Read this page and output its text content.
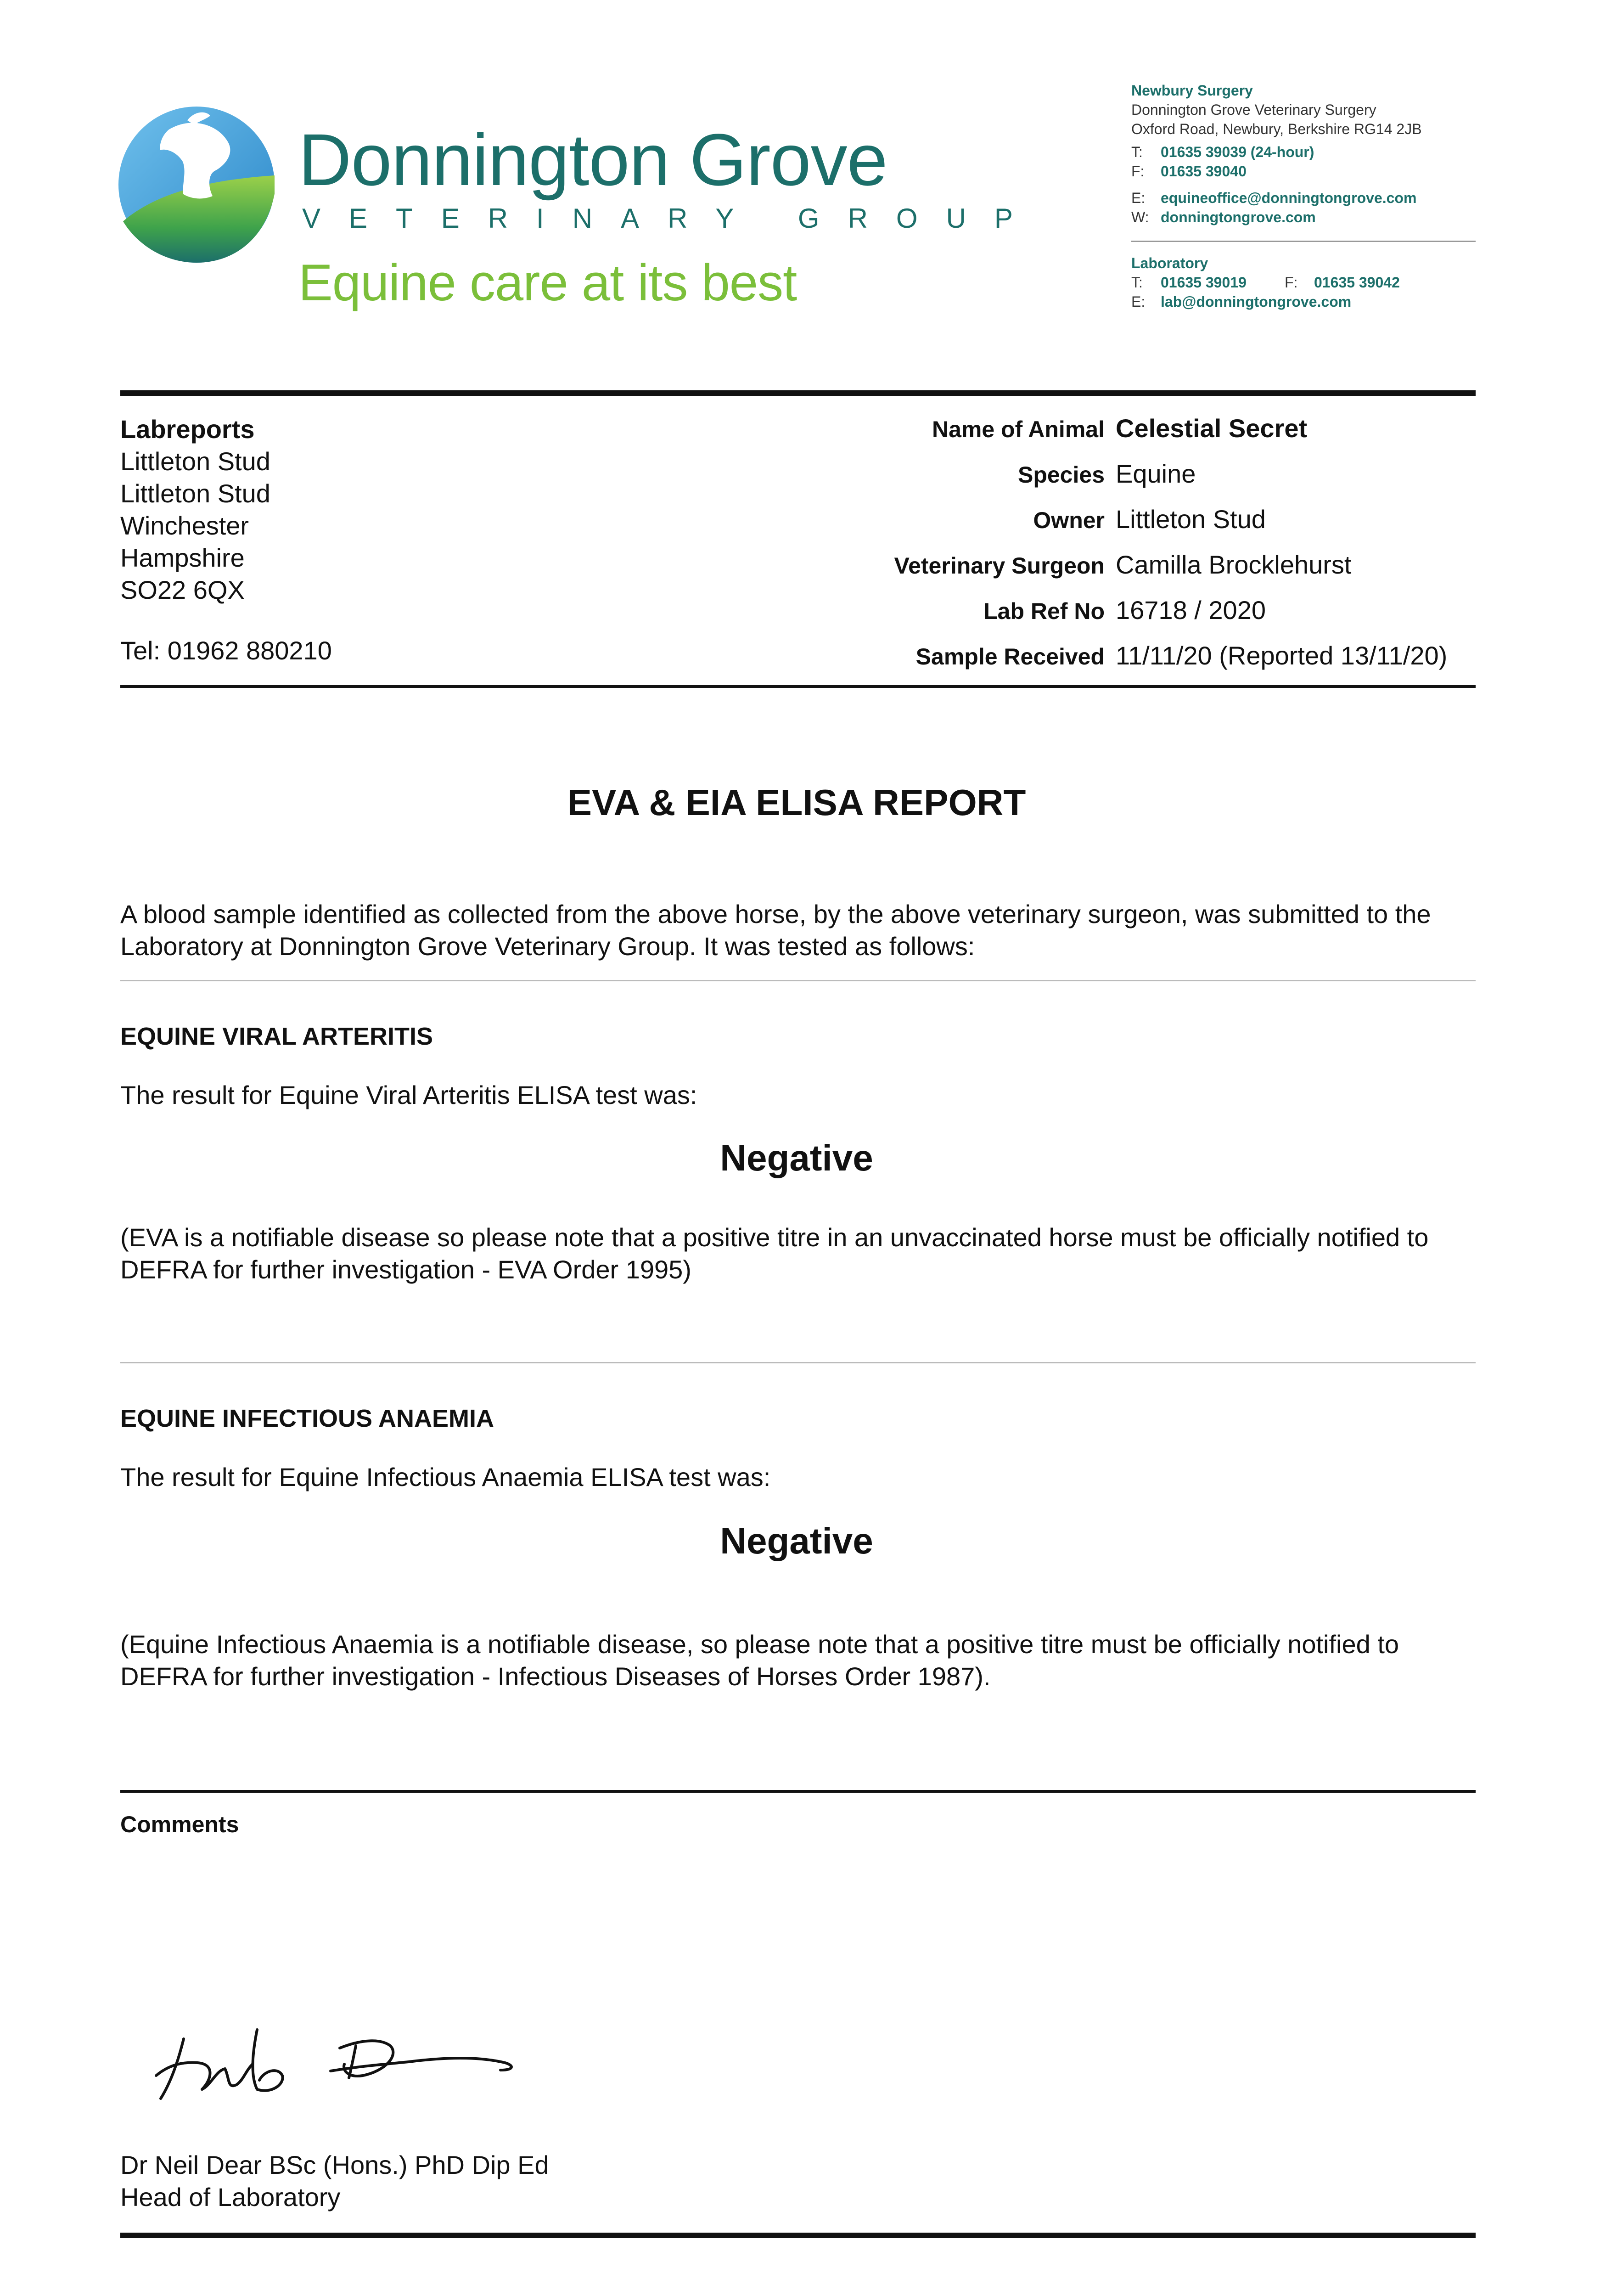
Donnington Grove
VETERINARY GROUP
Equine care at its best
Newbury Surgery
Donnington Grove Veterinary Surgery
Oxford Road, Newbury, Berkshire RG14 2JB
T: 01635 39039 (24-hour)
F: 01635 39040
E: equineoffice@donningtongrove.com
W: donningtongrove.com
Laboratory
T: 01635 39019	F: 01635 39042
E: lab@donningtongrove.com
Labreports
Littleton Stud
Littleton Stud
Winchester
Hampshire
SO22 6QX
Tel: 01962 880210
Name of Animal Celestial Secret
Species Equine
Owner Littleton Stud
Veterinary Surgeon Camilla Brocklehurst
Lab Ref No 16718 / 2020
Sample Received 11/11/20 (Reported 13/11/20)
EVA & EIA ELISA REPORT
A blood sample identified as collected from the above horse, by the above veterinary surgeon, was submitted to the Laboratory at Donnington Grove Veterinary Group. It was tested as follows:
EQUINE VIRAL ARTERITIS
The result for Equine Viral Arteritis ELISA test was:
Negative
(EVA is a notifiable disease so please note that a positive titre in an unvaccinated horse must be officially notified to DEFRA for further investigation - EVA Order 1995)
EQUINE INFECTIOUS ANAEMIA
The result for Equine Infectious Anaemia ELISA test was:
Negative
(Equine Infectious Anaemia is a notifiable disease, so please note that a positive titre must be officially notified to DEFRA for further investigation - Infectious Diseases of Horses Order 1987).
Comments
Dr Neil Dear BSc (Hons.) PhD Dip Ed
Head of Laboratory
